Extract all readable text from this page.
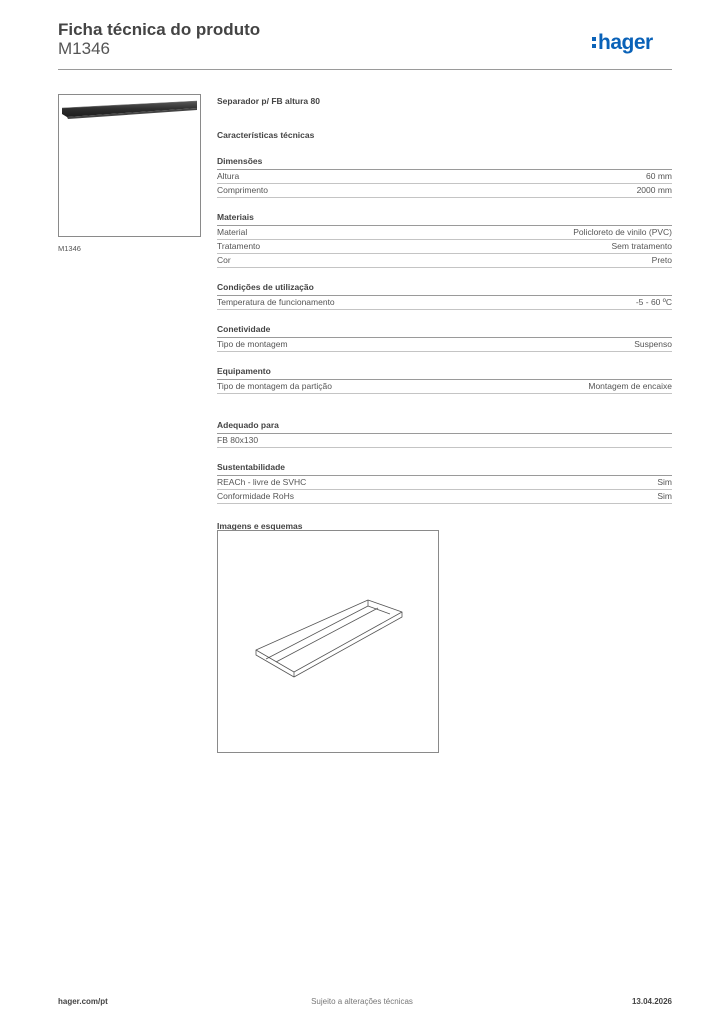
Ficha técnica do produto
M1346	hager
M1346
Separador p/ FB altura 80
Características técnicas
Dimensões
Altura	60 mm
Comprimento	2000 mm
Materiais
Material	Policloreto de vinilo (PVC)
Tratamento	Sem tratamento
Cor	Preto
Condições de utilização
Temperatura de funcionamento	-5 - 60 ºC
Conetividade
Tipo de montagem	Suspenso
Equipamento
Tipo de montagem da partição	Montagem de encaixe
Adequado para
FB 80x130
Sustentabilidade
REACh - livre de SVHC	Sim
Conformidade RoHs	Sim
Imagens e esquemas
hager.com/pt	Sujeito a alterações técnicas	13.04.2026
